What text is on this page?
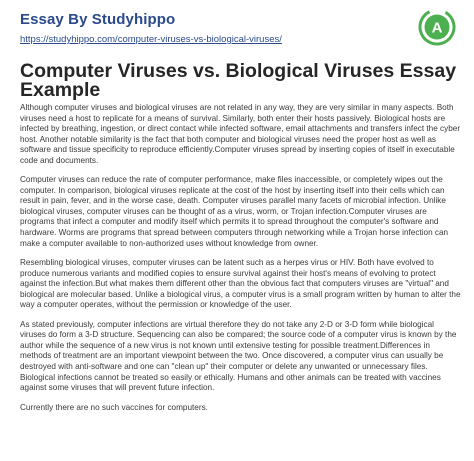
Essay By Studyhippo
https://studyhippo.com/computer-viruses-vs-biological-viruses/
A
Computer Viruses vs. Biological Viruses Essay Example

Although computer viruses and biological viruses are not related in any way, they are very similar in many aspects. Both viruses need a host to replicate for a means of survival. Similarly, both enter their hosts passively. Biological hosts are infected by breathing, ingestion, or direct contact while infected software, email attachments and transfers infect the cyber host. Another notable similarity is the fact that both computer and biological viruses need the proper host as well as software and tissue specificity to reproduce efficiently.Computer viruses spread by inserting copies of itself in executable code and documents.

Computer viruses can reduce the rate of computer performance, make files inaccessible, or completely wipes out the computer. In comparison, biological viruses replicate at the cost of the host by inserting itself into their cells which can result in pain, fever, and in the worse case, death. Computer viruses parallel many facets of microbial infection. Unlike biological viruses, computer viruses can be thought of as a virus, worm, or Trojan infection.Computer viruses are programs that infect a computer and modify itself which permits it to spread throughout the computer's software and hardware. Worms are programs that spread between computers through networking while a Trojan horse infection can make a computer available to non-authorized uses without knowledge from owner.

Resembling biological viruses, computer viruses can be latent such as a herpes virus or HIV. Both have evolved to produce numerous variants and modified copies to ensure survival against their host's means of evolving to protect against the infection.But what makes them different other than the obvious fact that computers viruses are "virtual" and biological are molecular based. Unlike a biological virus, a computer virus is a small program written by human to alter the way a computer operates, without the permission or knowledge of the user.

As stated previously, computer infections are virtual therefore they do not take any 2-D or 3-D form while biological viruses do form a 3-D structure. Sequencing can also be compared; the source code of a computer virus is known by the author while the sequence of a new virus is not known until extensive testing for possible treatment.Differences in methods of treatment are an important viewpoint between the two. Once discovered, a computer virus can usually be destroyed with anti-software and one can "clean up" their computer or delete any unwanted or unnecessary files. Biological infections cannot be treated so easily or ethically. Humans and other animals can be treated with vaccines against some viruses that will prevent future infection.

Currently there are no such vaccines for computers.
